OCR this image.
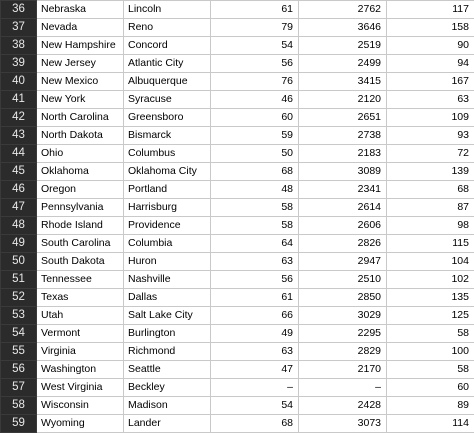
36	Nebraska	Lincoln	61	2762	117
37	Nevada	Reno	79	3646	158
38	New Hampshire	Concord	54	2519	90
39	New Jersey	Atlantic City	56	2499	94
40	New Mexico	Albuquerque	76	3415	167
41	New York	Syracuse	46	2120	63
42	North Carolina	Greensboro	60	2651	109
43	North Dakota	Bismarck	59	2738	93
44	Ohio	Columbus	50	2183	72
45	Oklahoma	Oklahoma City	68	3089	139
46	Oregon	Portland	48	2341	68
47	Pennsylvania	Harrisburg	58	2614	87
48	Rhode Island	Providence	58	2606	98
49	South Carolina	Columbia	64	2826	115
50	South Dakota	Huron	63	2947	104
51	Tennessee	Nashville	56	2510	102
52	Texas	Dallas	61	2850	135
53	Utah	Salt Lake City	66	3029	125
54	Vermont	Burlington	49	2295	58
55	Virginia	Richmond	63	2829	100
56	Washington	Seattle	47	2170	58
57	West Virginia	Beckley	–	–	60
58	Wisconsin	Madison	54	2428	89
59	Wyoming	Lander	68	3073	114
